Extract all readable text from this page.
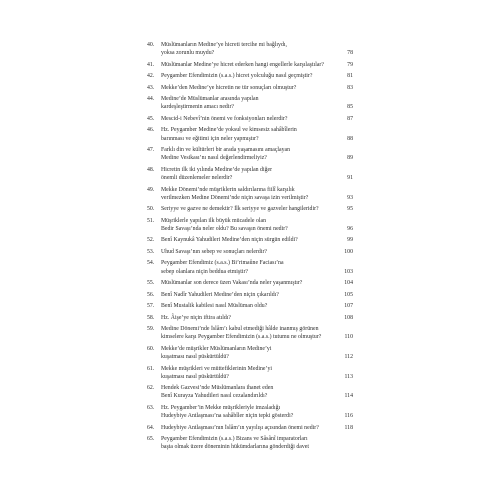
40.	Müslümanların Medine’ye hicreti tercihe mi bağlıydı,
yoksa zorunlu muydu?	78
41.	Müslümanlar Medine’ye hicret ederken hangi engellerle karşılaştılar?	79
42.	Peygamber Efendimizin (s.a.s.) hicret yolculuğu nasıl geçmiştir?	81
43.	Mekke’den Medine’ye hicretin ne tür sonuçları olmuştur?	83
44.	Medine’de Müslümanlar arasında yapılan
kardeşleştirmenin amacı nedir?	85
45.	Mescid-i Nebevî’nin önemi ve fonksiyonları nelerdir?	87
46.	Hz. Peygamber Medine’de yoksul ve kimsesiz sahâbîlerin
barınması ve eğitimi için neler yapmıştır?	88
47.	Farklı din ve kültürleri bir arada yaşamasını amaçlayan
Medine Vesikası’nı nasıl değerlendirmeliyiz?	89
48.	Hicretin ilk iki yılında Medine’de yapılan diğer
önemli düzenlemeler nelerdir?	91
49.	Mekke Dönemi’nde müşriklerin saldırılarına fiilî karşılık
verilmezken Medine Dönemi’nde niçin savaşa izin verilmiştir?	93
50.	Seriyye ve gazve ne demektir? İlk seriyye ve gazveler hangileridir?	95
51.	Müşriklerle yapılan ilk büyük mücadele olan
Bedir Savaşı’nda neler oldu? Bu savaşın önemi nedir?	96
52.	Benî Kaynukâ Yahudileri Medine’den niçin sürgün edildi?	99
53.	Uhud Savaşı’nın sebep ve sonuçları nelerdir?	100
54.	Peygamber Efendimiz (s.a.s.) Bi’rimaûne Faciası’na
sebep olanlara niçin beddua etmiştir?	103
55.	Müslümanlar son derece üzen Vakası’nda neler yaşanmıştır?	104
56.	Benî Nadîr Yahudileri Medine’den niçin çıkarıldı?	105
57.	Benî Mustalik kabilesi nasıl Müslüman oldu?	107
58.	Hz. Âişe’ye niçin iftira atıldı?	108
59.	Medine Dönemi’nde İslâm’ı kabul etmediği hâlde inanmış görünen
kimselere karşı Peygamber Efendimizin (s.a.s.) tutumu ne olmuştur?	110
60.	Mekke’de müşrikler Müslümanların Medine’yi
kuşatması nasıl püskürtüldü?	112
61.	Mekke müşrikleri ve müttefiklerinin Medine’yi
kuşatması nasıl püskürtüldü?	113
62.	Hendek Gazvesi’nde Müslümanlara ihanet eden
Benî Kurayza Yahudileri nasıl cezalandırıldı?	114
63.	Hz. Peygamber’in Mekke müşrikleriyle imzaladığı
Hudeybiye Antlaşması’na sahâbîler niçin tepki gösterdi?	116
64.	Hudeybiye Antlaşması’nın İslâm’ın yayılışı açısından önemi nedir?	118
65.	Peygamber Efendimizin (s.a.s.) Bizans ve Sâsânî imparatorları
başta olmak üzere döneminin hükümdarlarına gönderdiği davet
